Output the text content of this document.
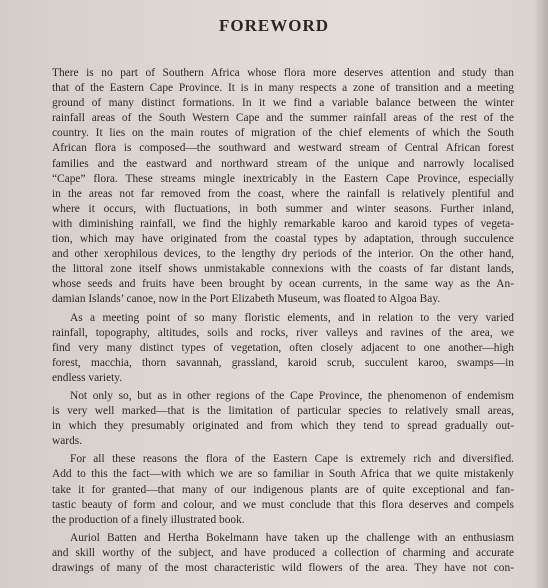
FOREWORD
There is no part of Southern Africa whose flora more deserves attention and study than
that of the Eastern Cape Province. It is in many respects a zone of transition and a meeting
ground of many distinct formations. In it we find a variable balance between the winter
rainfall areas of the South Western Cape and the summer rainfall areas of the rest of the
country. It lies on the main routes of migration of the chief elements of which the South
African flora is composed—the southward and westward stream of Central African forest
families and the eastward and northward stream of the unique and narrowly localised
“Cape” flora. These streams mingle inextricably in the Eastern Cape Province, especially
in the areas not far removed from the coast, where the rainfall is relatively plentiful and
where it occurs, with fluctuations, in both summer and winter seasons. Further inland,
with diminishing rainfall, we find the highly remarkable karoo and karoid types of vegeta-
tion, which may have originated from the coastal types by adaptation, through succulence
and other xerophilous devices, to the lengthy dry periods of the interior. On the other hand,
the littoral zone itself shows unmistakable connexions with the coasts of far distant lands,
whose seeds and fruits have been brought by ocean currents, in the same way as the An-
damian Islands’ canoe, now in the Port Elizabeth Museum, was floated to Algoa Bay.
As a meeting point of so many floristic elements, and in relation to the very varied
rainfall, topography, altitudes, soils and rocks, river valleys and ravines of the area, we
find very many distinct types of vegetation, often closely adjacent to one another—high
forest, macchia, thorn savannah, grassland, karoid scrub, succulent karoo, swamps—in
endless variety.
Not only so, but as in other regions of the Cape Province, the phenomenon of endemism
is very well marked—that is the limitation of particular species to relatively small areas,
in which they presumably originated and from which they tend to spread gradually out-
wards.
For all these reasons the flora of the Eastern Cape is extremely rich and diversified.
Add to this the fact—with which we are so familiar in South Africa that we quite mistakenly
take it for granted—that many of our indigenous plants are of quite exceptional and fan-
tastic beauty of form and colour, and we must conclude that this flora deserves and compels
the production of a finely illustrated book.
Auriol Batten and Hertha Bokelmann have taken up the challenge with an enthusiasm
and skill worthy of the subject, and have produced a collection of charming and accurate
drawings of many of the most characteristic wild flowers of the area. They have not con-
